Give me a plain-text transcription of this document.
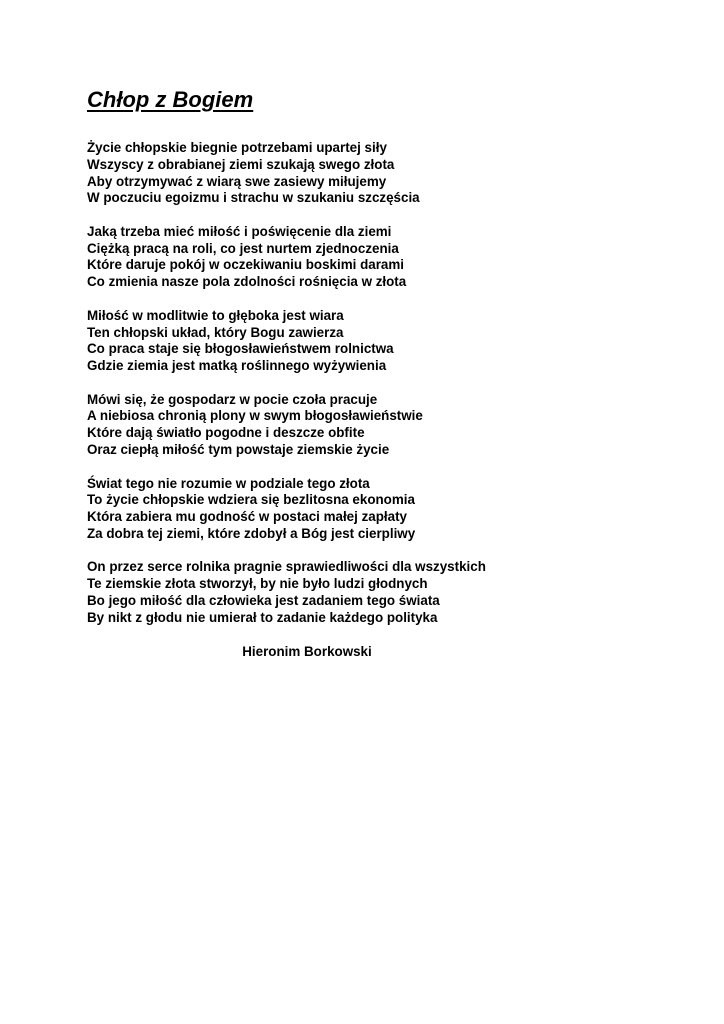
Chłop z Bogiem
Życie chłopskie biegnie potrzebami upartej siły
Wszyscy z obrabianej ziemi szukają swego złota
Aby otrzymywać z wiarą swe zasiewy miłujemy
W poczuciu egoizmu i strachu w szukaniu szczęścia
Jaką trzeba mieć miłość i poświęcenie dla ziemi
Ciężką pracą na roli, co jest nurtem zjednoczenia
Które daruje pokój w oczekiwaniu boskimi darami
Co zmienia nasze pola zdolności rośnięcia w złota
Miłość w modlitwie to głęboka jest wiara
Ten chłopski układ, który Bogu zawierza
Co praca staje się błogosławieństwem rolnictwa
Gdzie ziemia jest matką roślinnego wyżywienia
Mówi się, że gospodarz w pocie czoła pracuje
A niebiosa chronią plony w swym błogosławieństwie
Które dają światło pogodne i deszcze obfite
Oraz ciepłą miłość tym powstaje ziemskie życie
Świat tego nie rozumie w podziale tego złota
To życie chłopskie wdziera się bezlitosna ekonomia
Która zabiera mu godność w postaci małej zapłaty
Za dobra tej ziemi, które zdobył a Bóg jest cierpliwy
On przez serce rolnika pragnie sprawiedliwości dla wszystkich
Te ziemskie złota stworzył, by nie było ludzi głodnych
Bo jego miłość dla człowieka jest zadaniem tego świata
By nikt z głodu nie umierał to zadanie każdego polityka
Hieronim Borkowski
